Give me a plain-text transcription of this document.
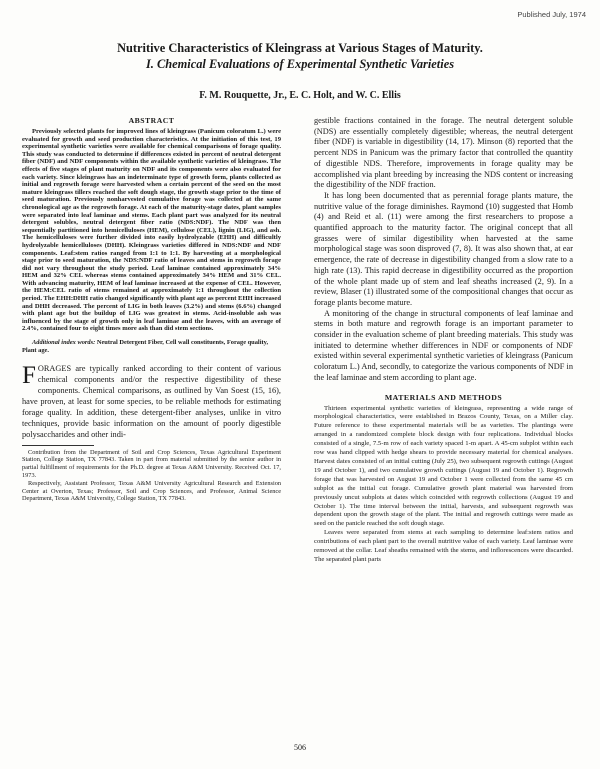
Published July, 1974
Nutritive Characteristics of Kleingrass at Various Stages of Maturity.
I. Chemical Evaluations of Experimental Synthetic Varieties
F. M. Rouquette, Jr., E. C. Holt, and W. C. Ellis
ABSTRACT

Previously selected plants for improved lines of kleingrass (Panicum coloratum L.) were evaluated for growth and seed production characteristics. At the initiation of this test, 19 experimental synthetic varieties were available for chemical comparisons of forage quality. This study was conducted to determine if differences existed in percent of neutral detergent fiber (NDF) and NDF components within the available synthetic varieties of kleingrass. The effects of five stages of plant maturity on NDF and its components were also evaluated for each variety. Since kleingrass has an indeterminate type of growth form, plants collected as initial and regrowth forage were harvested when a certain percent of the seed on the most mature kleingrass tillers reached the soft dough stage, the growth stage prior to the time of seed maturation. Previously nonharvested cumulative forage was collected at the same chronological age as the regrowth forage. At each of the maturity-stage dates, plant samples were separated into leaf laminae and stems. Each plant part was analyzed for its neutral detergent solubles, neutral detergent fiber ratio (NDS:NDF). The NDF was then sequentially partitioned into hemicelluloses (HEM), cellulose (CEL), lignin (LIG), and ash. The hemicelluloses were further divided into easily hydrolyzable (EHH) and difficultly hydrolyzable hemicelluloses (DHH). Kleingrass varieties differed in NDS:NDF and NDF components. Leaf:stem ratios ranged from 1:1 to 1:1. By harvesting at a morphological stage prior to seed maturation, the NDS:NDF ratio of leaves and stems in regrowth forage did not vary throughout the study period. Leaf laminae contained approximately 34% HEM and 32% CEL whereas stems contained approximately 34% HEM and 31% CEL. With advancing maturity, HEM of leaf laminae increased at the expense of CEL. However, the HEM:CEL ratio of stems remained at approximately 1:1 throughout the collection period. The EHH:DHH ratio changed significantly with plant age as percent EHH increased and DHH decreased. The percent of LIG in both leaves (3.2%) and stems (6.6%) changed with plant age but the buildup of LIG was greatest in stems. Acid-insoluble ash was influenced by the stage of growth only in leaf laminae and the leaves, with an average of 2.4%, contained four to eight times more ash than did stem sections.

Additional index words: Neutral Detergent Fiber, Cell wall constituents, Forage quality, Plant age.
F ORAGES are typically ranked according to their content of various chemical components and/or the respective digestibility of these components. Chemical comparisons, as outlined by Van Soest (15, 16), have proven, at least for some species, to be reliable methods for estimating forage quality. In addition, these detergent-fiber analyses, unlike in vitro techniques, provide basic information on the amount of poorly digestible polysaccharides and other indi-

Contribution from the Department of Soil and Crop Sciences, Texas Agricultural Experiment Station, College Station, TX 77843. Taken in part from material submitted by the senior author in partial fulfillment of requirements for the Ph.D. degree at Texas A&M University. Received Oct. 17, 1973.

Respectively, Assistant Professor, Texas A&M University Agricultural Research and Extension Center at Overton, Texas; Professor, Soil and Crop Sciences, and Professor, Animal Science Department, Texas A&M University, College Station, TX 77843.

gestible fractions contained in the forage. The neutral detergent soluble (NDS) are essentially completely digestible; whereas, the neutral detergent fiber (NDF) is variable in digestibility (14, 17). Minson (8) reported that the percent NDS in Panicum was the primary factor that controlled the quantity of digestible NDS. Therefore, improvements in forage quality may be accomplished via plant breeding by increasing the NDS content or increasing the digestibility of the NDF fraction.

It has long been documented that as perennial forage plants mature, the nutritive value of the forage diminishes. Raymond (10) suggested that Homb (4) and Reid et al. (11) were among the first researchers to propose a quantified approach to the maturity factor. The original concept that all grasses were of similar digestibility when harvested at the same morphological stage was soon disproved (7, 8). It was also shown that, at ear emergence, the rate of decrease in digestibility changed from a slow rate to a high rate (13). This rapid decrease in digestibility occurred as the proportion of the whole plant made up of stem and leaf sheaths increased (2, 9). In a review, Blaser (1) illustrated some of the compositional changes that occur as forage plants become mature.

A monitoring of the change in structural components of leaf laminae and stems in both mature and regrowth forage is an important parameter to consider in the evaluation scheme of plant breeding materials. This study was initiated to determine whether differences in NDF or components of NDF existed within several experimental synthetic varieties of kleingrass (Panicum coloratum L.) And, secondly, to categorize the various components of NDF in the leaf laminae and stem according to plant age.

MATERIALS AND METHODS

Thirteen experimental synthetic varieties of kleingrass, representing a wide range of morphological characteristics, were established in Brazos County, Texas, on a Miller clay. Future reference to these experimental materials will be as varieties. The plantings were arranged in a randomized complete block design with four replications. Individual blocks consisted of a single, 7.5-m row of each variety spaced 1-m apart. A 45-cm subplot within each row was hand clipped with hedge shears to provide necessary material for chemical analyses. Harvest dates consisted of an initial cutting (July 25), two subsequent regrowth cuttings (August 19 and October 1), and two cumulative growth cuttings (August 19 and October 1). Regrowth forage that was harvested on August 19 and October 1 were collected from the same 45 cm subplot as the initial cut forage. Cumulative growth plant material was harvested from previously uncut subplots at dates which coincided with regrowth collections (August 19 and October 1). The time interval between the initial, harvests, and subsequent regrowth was dependent upon the growth stage of the plant. The initial and regrowth cuttings were made as seed on the panicle reached the soft dough stage.

Leaves were separated from stems at each sampling to determine leaf:stem ratios and contributions of each plant part to the overall nutritive value of each variety. Leaf laminae were removed at the collar. Leaf sheaths remained with the stems, and inflorescences were discarded. The separated plant parts

506
